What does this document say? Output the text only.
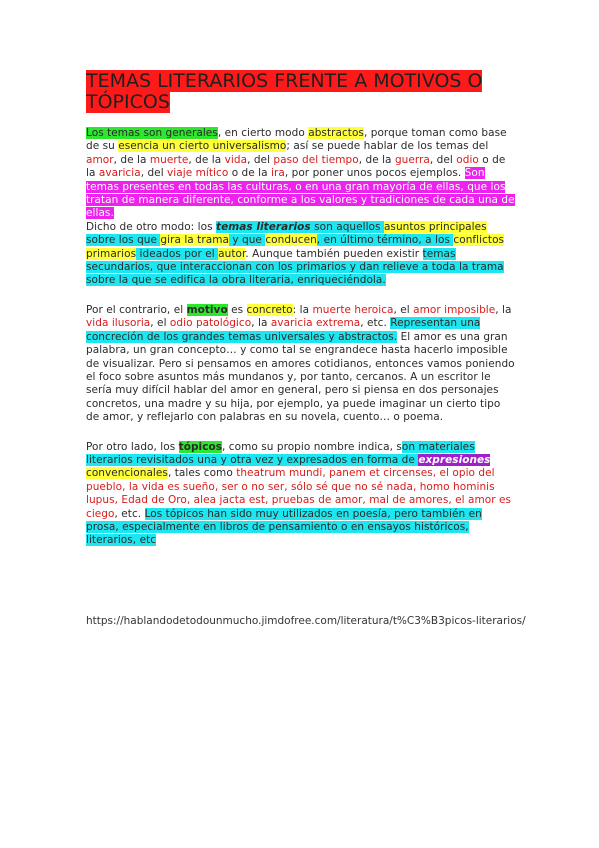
TEMAS LITERARIOS FRENTE A MOTIVOS O TÓPICOS

Los temas son generales, en cierto modo abstractos, porque toman como base de su esencia un cierto universalismo; así se puede hablar de los temas del amor, de la muerte, de la vida, del paso del tiempo, de la guerra, del odio o de la avaricia, del viaje mítico o de la ira, por poner unos pocos ejemplos. Son temas presentes en todas las culturas, o en una gran mayoría de ellas, que los tratan de manera diferente, conforme a los valores y tradiciones de cada una de ellas.
Dicho de otro modo: los temas literarios son aquellos asuntos principales sobre los que gira la trama y que conducen, en último término, a los conflictos primarios ideados por el autor. Aunque también pueden existir temas secundarios, que interaccionan con los primarios y dan relieve a toda la trama sobre la que se edifica la obra literaria, enriqueciéndola.

Por el contrario, el motivo es concreto: la muerte heroica, el amor imposible, la vida ilusoria, el odio patológico, la avaricia extrema, etc. Representan una concreción de los grandes temas universales y abstractos. El amor es una gran palabra, un gran concepto… y como tal se engrandece hasta hacerlo imposible de visualizar. Pero si pensamos en amores cotidianos, entonces vamos poniendo el foco sobre asuntos más mundanos y, por tanto, cercanos. A un escritor le sería muy difícil hablar del amor en general, pero si piensa en dos personajes concretos, una madre y su hija, por ejemplo, ya puede imaginar un cierto tipo de amor, y reflejarlo con palabras en su novela, cuento… o poema.

Por otro lado, los tópicos, como su propio nombre indica, son materiales literarios revisitados una y otra vez y expresados en forma de expresiones convencionales, tales como theatrum mundi, panem et circenses, el opio del pueblo, la vida es sueño, ser o no ser, sólo sé que no sé nada, homo hominis lupus, Edad de Oro, alea jacta est, pruebas de amor, mal de amores, el amor es ciego, etc. Los tópicos han sido muy utilizados en poesía, pero también en prosa, especialmente en libros de pensamiento o en ensayos históricos, literarios, etc

https://hablandodetodounmucho.jimdofree.com/literatura/t%C3%B3picos-literarios/
